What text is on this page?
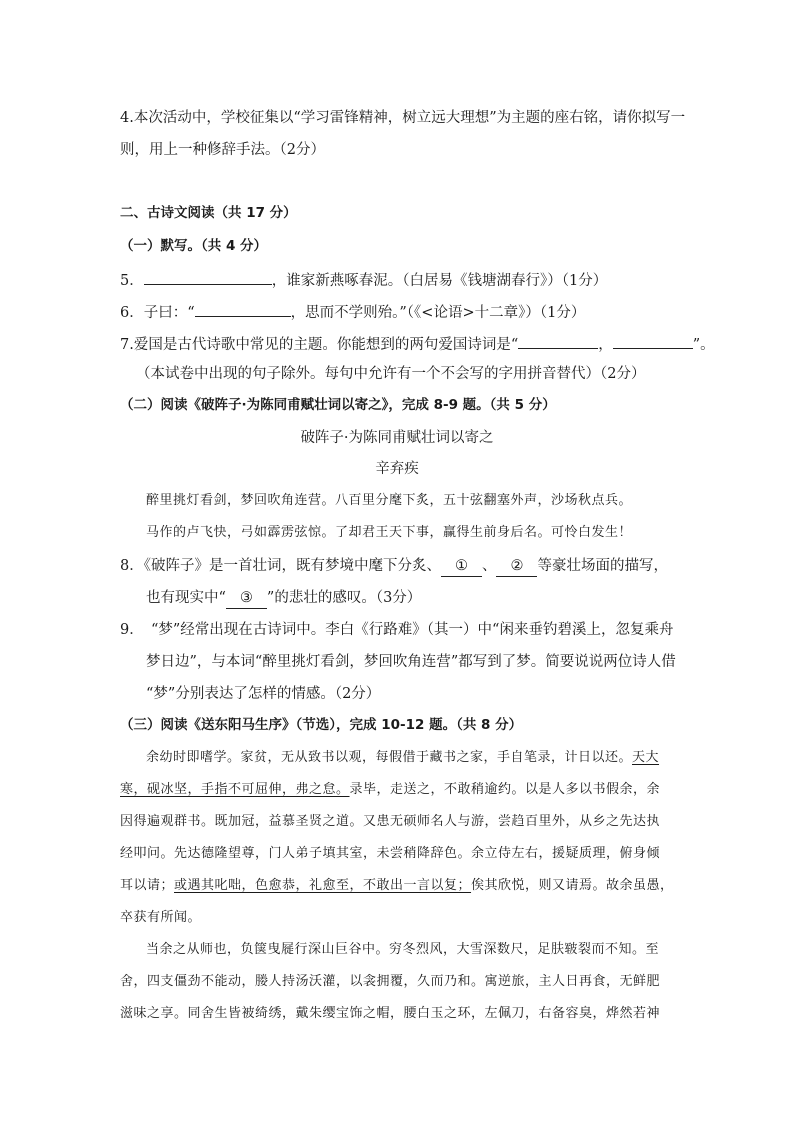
4.本次活动中，学校征集以“学习雷锋精神，树立远大理想”为主题的座右铭，请你拟写一
则，用上一种修辞手法。（2分）
二、古诗文阅读（共 17 分）
（一）默写。（共 4 分）
5．	，谁家新燕啄春泥。（白居易《钱塘湖春行》）（1分）
6．子曰：“	，思而不学则殆。”（《<论语>十二章》）（1分）
7.爱国是古代诗歌中常见的主题。你能想到的两句爱国诗词是“	，	”。
（本试卷中出现的句子除外。每句中允许有一个不会写的字用拼音替代）（2分）
（二）阅读《破阵子·为陈同甫赋壮词以寄之》，完成 8-9 题。（共 5 分）
破阵子·为陈同甫赋壮词以寄之
辛弃疾
醉里挑灯看剑，梦回吹角连营。八百里分麾下炙，五十弦翻塞外声，沙场秋点兵。
马作的卢飞快，弓如霹雳弦惊。了却君王天下事，赢得生前身后名。可怜白发生！
8．《破阵子》是一首壮词，既有梦境中麾下分炙、 ① 、 ② 等豪壮场面的描写，
也有现实中“ ③ ”的悲壮的感叹。（3分）
9．　“梦”经常出现在古诗词中。李白《行路难》（其一）中“闲来垂钓碧溪上，忽复乘舟
梦日边”，与本词“醉里挑灯看剑，梦回吹角连营”都写到了梦。简要说说两位诗人借
“梦”分别表达了怎样的情感。（2分）
（三）阅读《送东阳马生序》（节选），完成 10-12 题。（共 8 分）
余幼时即嗜学。家贫，无从致书以观，每假借于藏书之家，手自笔录，计日以还。天大
寒，砚冰坚，手指不可屈伸，弗之怠。录毕，走送之，不敢稍逾约。以是人多以书假余，余
因得遍观群书。既加冠，益慕圣贤之道。又患无硕师名人与游，尝趋百里外，从乡之先达执
经叩问。先达德隆望尊，门人弟子填其室，未尝稍降辞色。余立侍左右，援疑质理，俯身倾
耳以请；或遇其叱咄，色愈恭，礼愈至，不敢出一言以复；俟其欣悦，则又请焉。故余虽愚，
卒获有所闻。
当余之从师也，负箧曳屣行深山巨谷中。穷冬烈风，大雪深数尺，足肤皲裂而不知。至
舍，四支僵劲不能动，媵人持汤沃灌，以衾拥覆，久而乃和。寓逆旅，主人日再食，无鲜肥
滋味之享。同舍生皆被绮绣，戴朱缨宝饰之帽，腰白玉之环，左佩刀，右备容臭，烨然若神
